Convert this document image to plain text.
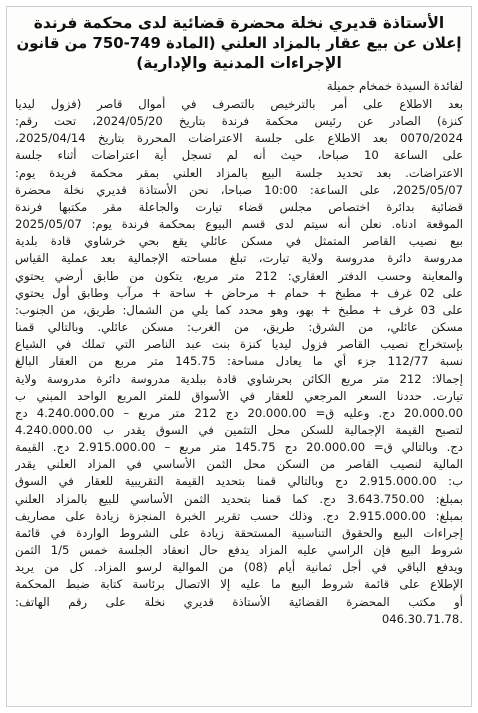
الأستاذة قديري نخلة محضرة قضائية لدى محكمة فرندة
إعلان عن بيع عقار بالمزاد العلني (المادة 749-750 من قانون
الإجراءات المدنية والإدارية)
لفائدة السيدة خمخام جميلة
بعد الاطلاع على أمر بالترخيص بالتصرف في أموال قاصر (فزول ليديا
كنزة) الصادر عن رئيس محكمة فرندة بتاريخ 2024/05/20، تحت رقم:
0070/2024 بعد الاطلاع على جلسة الاعتراضات المحررة بتاريخ 2025/04/14،
على الساعة 10 صباحا، حيث أنه لم تسجل أية اعتراضات أثناء جلسة
الاعتراضات. بعد تحديد جلسة البيع بالمزاد العلني بمقر محكمة فريدة يوم:
2025/05/07، على الساعة: 10:00 صباحا، نحن الأستاذة قديري نخلة محضرة
قضائية بدائرة اختصاص مجلس قضاء تيارت والجاعلة مقر مكتبها فرندة
الموقعة ادناه. نعلن أنه سيتم لدى قسم البيوع بمحكمة فرندة يوم: 2025/05/07
بيع نصيب القاصر المتمثل في مسكن عائلي يقع بحي خرشاوي قادة بلدية
مدروسة دائرة مدروسة ولاية تيارت، تبلغ مساحته الإجمالية بعد عملية القياس
والمعاينة وحسب الدفتر العقاري: 212 متر مربع، يتكون من طابق أرضي يحتوي
على 02 غرف + مطبخ + حمام + مرحاض + ساحة + مرآب وطابق أول يحتوي
على 03 غرف + مطبخ + بهو، وهو محدد كما يلي من الشمال: طريق، من الجنوب:
مسكن عائلي، من الشرق: طريق، من الغرب: مسكن عائلي. وبالتالي قمنا
بإستخراج نصيب القاصر فزول ليديا كنزة بنت عبد الناصر التي تملك في الشياع
نسبة 112/77 جزء أي ما يعادل مساحة: 145.75 متر مربع من العقار البالغ
إجمالا: 212 متر مربع الكائن بحرشاوي قادة ببلدية مدروسة دائرة مدروسة ولاية
تيارت. حددنا السعر المرجعي للعقار في الأسواق للمتر المربع الواحد المبني ب
20.000.00 دج. وعليه ق= 20.000.00 دج 212 متر مربع – 4.240.000.00 دج
لتصبح القيمة الإجمالية للسكن محل التثمين في السوق يقدر ب 4.240.000.00
دج. وبالتالي ق= 20.000.00 دج 145.75 متر مربع – 2.915.000.00 دج. القيمة
المالية لنصيب القاصر من السكن محل الثمن الأساسي في المزاد العلني يقدر
ب: 2.915.000.00 دج وبالتالي قمنا بتحديد القيمة التقريبية للعقار في السوق
بمبلغ: 3.643.750.00 دج. كما قمنا بتحديد الثمن الأساسي للبيع بالمزاد العلني
بمبلغ: 2.915.000.00 دج. وذلك حسب تقرير الخبرة المنجزة زيادة على مصاريف
إجراءات البيع والحقوق التناسبية المستحقة زيادة على الشروط الواردة في قائمة
شروط البيع فإن الراسي عليه المزاد يدفع حال انعقاد الجلسة خمس 1/5 الثمن
ويدفع الباقي في أجل ثمانية أيام (08) من الموالية لرسو المزاد. كل من يريد
الإطلاع على قائمة شروط البيع ما عليه إلا الاتصال برئاسة كتابة ضبط المحكمة
أو مكتب المحضرة القضائية الأستاذة قديري نخلة على رقم الهاتف:
.046.30.71.78
